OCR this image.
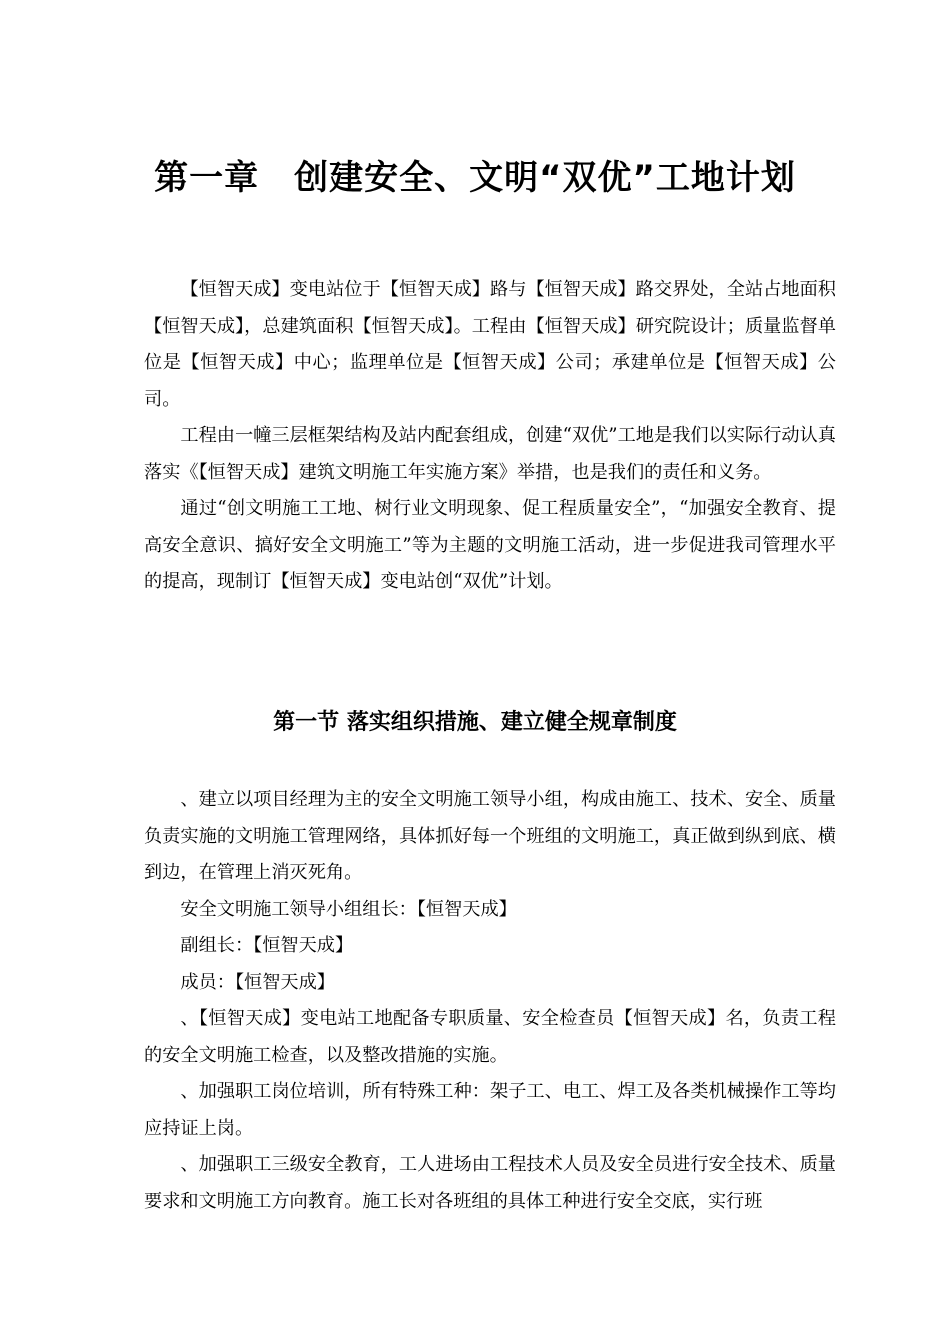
第一章　创建安全、文明“双优”工地计划

【恒智天成】变电站位于【恒智天成】路与【恒智天成】路交界处，全站占地面积【恒智天成】，总建筑面积【恒智天成】。工程由【恒智天成】研究院设计；质量监督单位是【恒智天成】中心；监理单位是【恒智天成】公司；承建单位是【恒智天成】公司。

工程由一幢三层框架结构及站内配套组成，创建“双优”工地是我们以实际行动认真落实《【恒智天成】建筑文明施工年实施方案》举措，也是我们的责任和义务。

通过“创文明施工工地、树行业文明现象、促工程质量安全”，“加强安全教育、提高安全意识、搞好安全文明施工”等为主题的文明施工活动，进一步促进我司管理水平的提高，现制订【恒智天成】变电站创“双优”计划。

第一节 落实组织措施、建立健全规章制度

、建立以项目经理为主的安全文明施工领导小组，构成由施工、技术、安全、质量负责实施的文明施工管理网络，具体抓好每一个班组的文明施工，真正做到纵到底、横到边，在管理上消灭死角。

安全文明施工领导小组组长：【恒智天成】

副组长：【恒智天成】

成员：【恒智天成】

、【恒智天成】变电站工地配备专职质量、安全检查员【恒智天成】名，负责工程的安全文明施工检查，以及整改措施的实施。

、加强职工岗位培训，所有特殊工种：架子工、电工、焊工及各类机械操作工等均应持证上岗。

、加强职工三级安全教育，工人进场由工程技术人员及安全员进行安全技术、质量要求和文明施工方向教育。施工长对各班组的具体工种进行安全交底，实行班
